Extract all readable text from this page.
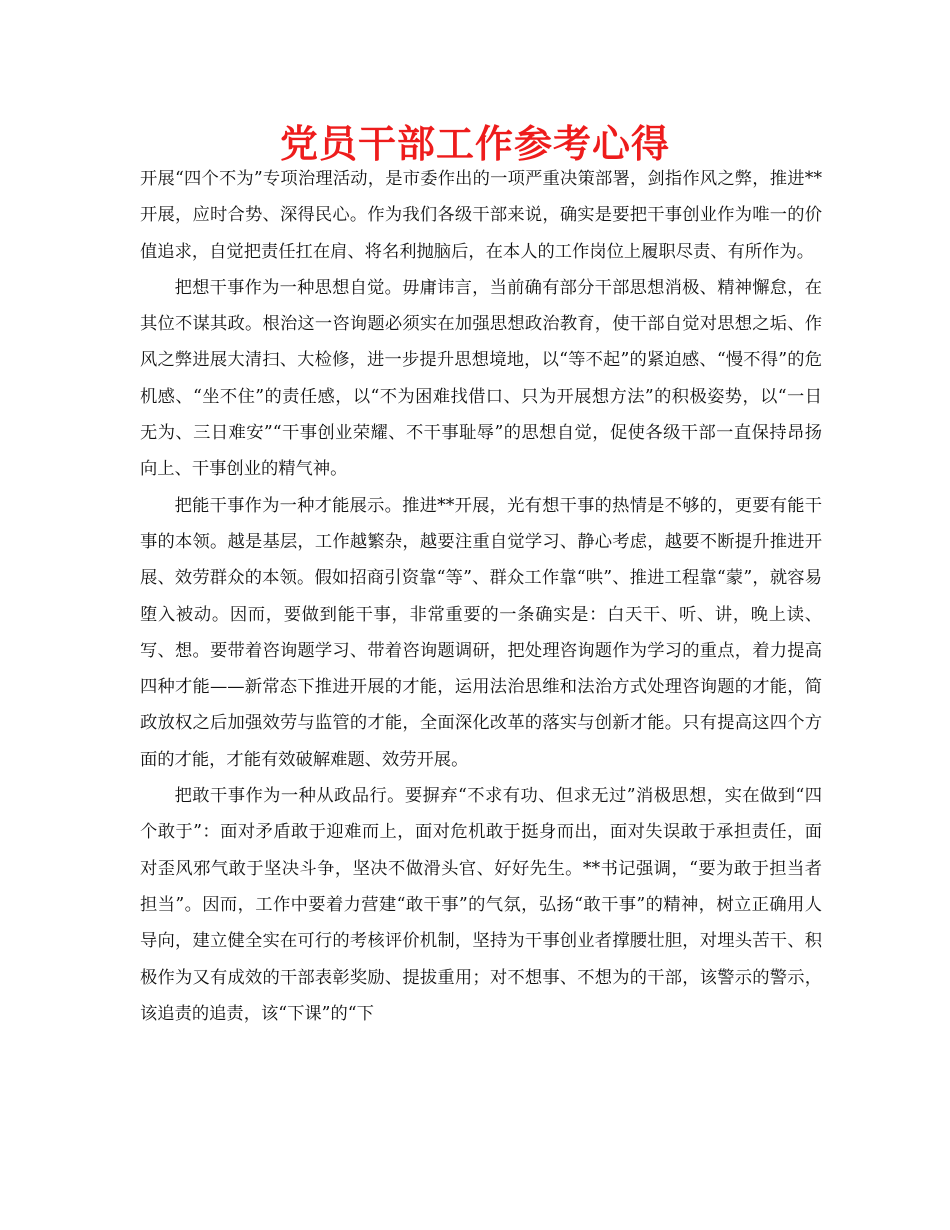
党员干部工作参考心得

开展“四个不为”专项治理活动，是市委作出的一项严重决策部署，剑指作风之弊，推进**开展，应时合势、深得民心。作为我们各级干部来说，确实是要把干事创业作为唯一的价值追求，自觉把责任扛在肩、将名利抛脑后，在本人的工作岗位上履职尽责、有所作为。

把想干事作为一种思想自觉。毋庸讳言，当前确有部分干部思想消极、精神懈怠，在其位不谋其政。根治这一咨询题必须实在加强思想政治教育，使干部自觉对思想之垢、作风之弊进展大清扫、大检修，进一步提升思想境地，以“等不起”的紧迫感、“慢不得”的危机感、“坐不住”的责任感，以“不为困难找借口、只为开展想方法”的积极姿势，以“一日无为、三日难安”“干事创业荣耀、不干事耻辱”的思想自觉，促使各级干部一直保持昂扬向上、干事创业的精气神。

把能干事作为一种才能展示。推进**开展，光有想干事的热情是不够的，更要有能干事的本领。越是基层，工作越繁杂，越要注重自觉学习、静心考虑，越要不断提升推进开展、效劳群众的本领。假如招商引资靠“等”、群众工作靠“哄”、推进工程靠“蒙”，就容易堕入被动。因而，要做到能干事，非常重要的一条确实是：白天干、听、讲，晚上读、写、想。要带着咨询题学习、带着咨询题调研，把处理咨询题作为学习的重点，着力提高四种才能——新常态下推进开展的才能，运用法治思维和法治方式处理咨询题的才能，简政放权之后加强效劳与监管的才能，全面深化改革的落实与创新才能。只有提高这四个方面的才能，才能有效破解难题、效劳开展。

把敢干事作为一种从政品行。要摒弃“不求有功、但求无过”消极思想，实在做到“四个敢于”：面对矛盾敢于迎难而上，面对危机敢于挺身而出，面对失误敢于承担责任，面对歪风邪气敢于坚决斗争，坚决不做滑头官、好好先生。**书记强调，“要为敢于担当者担当”。因而，工作中要着力营建“敢干事”的气氛，弘扬“敢干事”的精神，树立正确用人导向，建立健全实在可行的考核评价机制，坚持为干事创业者撑腰壮胆，对埋头苦干、积极作为又有成效的干部表彰奖励、提拔重用；对不想事、不想为的干部，该警示的警示，该追责的追责，该“下课”的“下
